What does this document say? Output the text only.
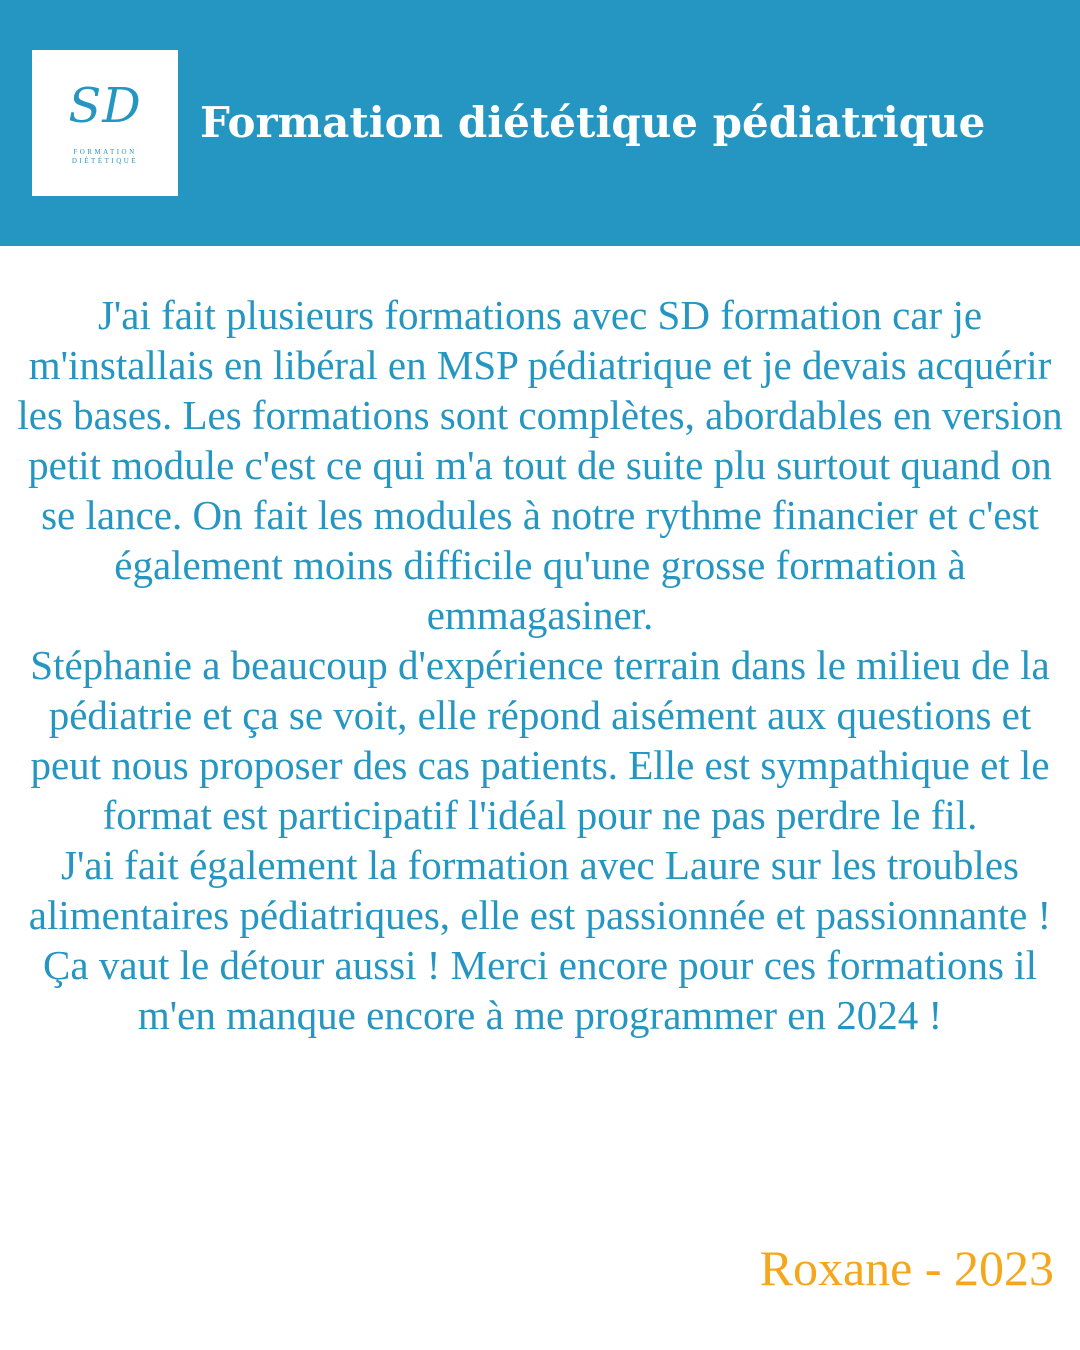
SD
FORMATION
DIÉTÉTIQUE
Formation diététique pédiatrique

J'ai fait plusieurs formations avec SD formation car je m'installais en libéral en MSP pédiatrique et je devais acquérir les bases. Les formations sont complètes, abordables en version petit module c'est ce qui m'a tout de suite plu surtout quand on se lance. On fait les modules à notre rythme financier et c'est également moins difficile qu'une grosse formation à emmagasiner.

Stéphanie a beaucoup d'expérience terrain dans le milieu de la pédiatrie et ça se voit, elle répond aisément aux questions et peut nous proposer des cas patients. Elle est sympathique et le format est participatif l'idéal pour ne pas perdre le fil.

J'ai fait également la formation avec Laure sur les troubles alimentaires pédiatriques, elle est passionnée et passionnante ! Ça vaut le détour aussi ! Merci encore pour ces formations il m'en manque encore à me programmer en 2024 !

Roxane - 2023
